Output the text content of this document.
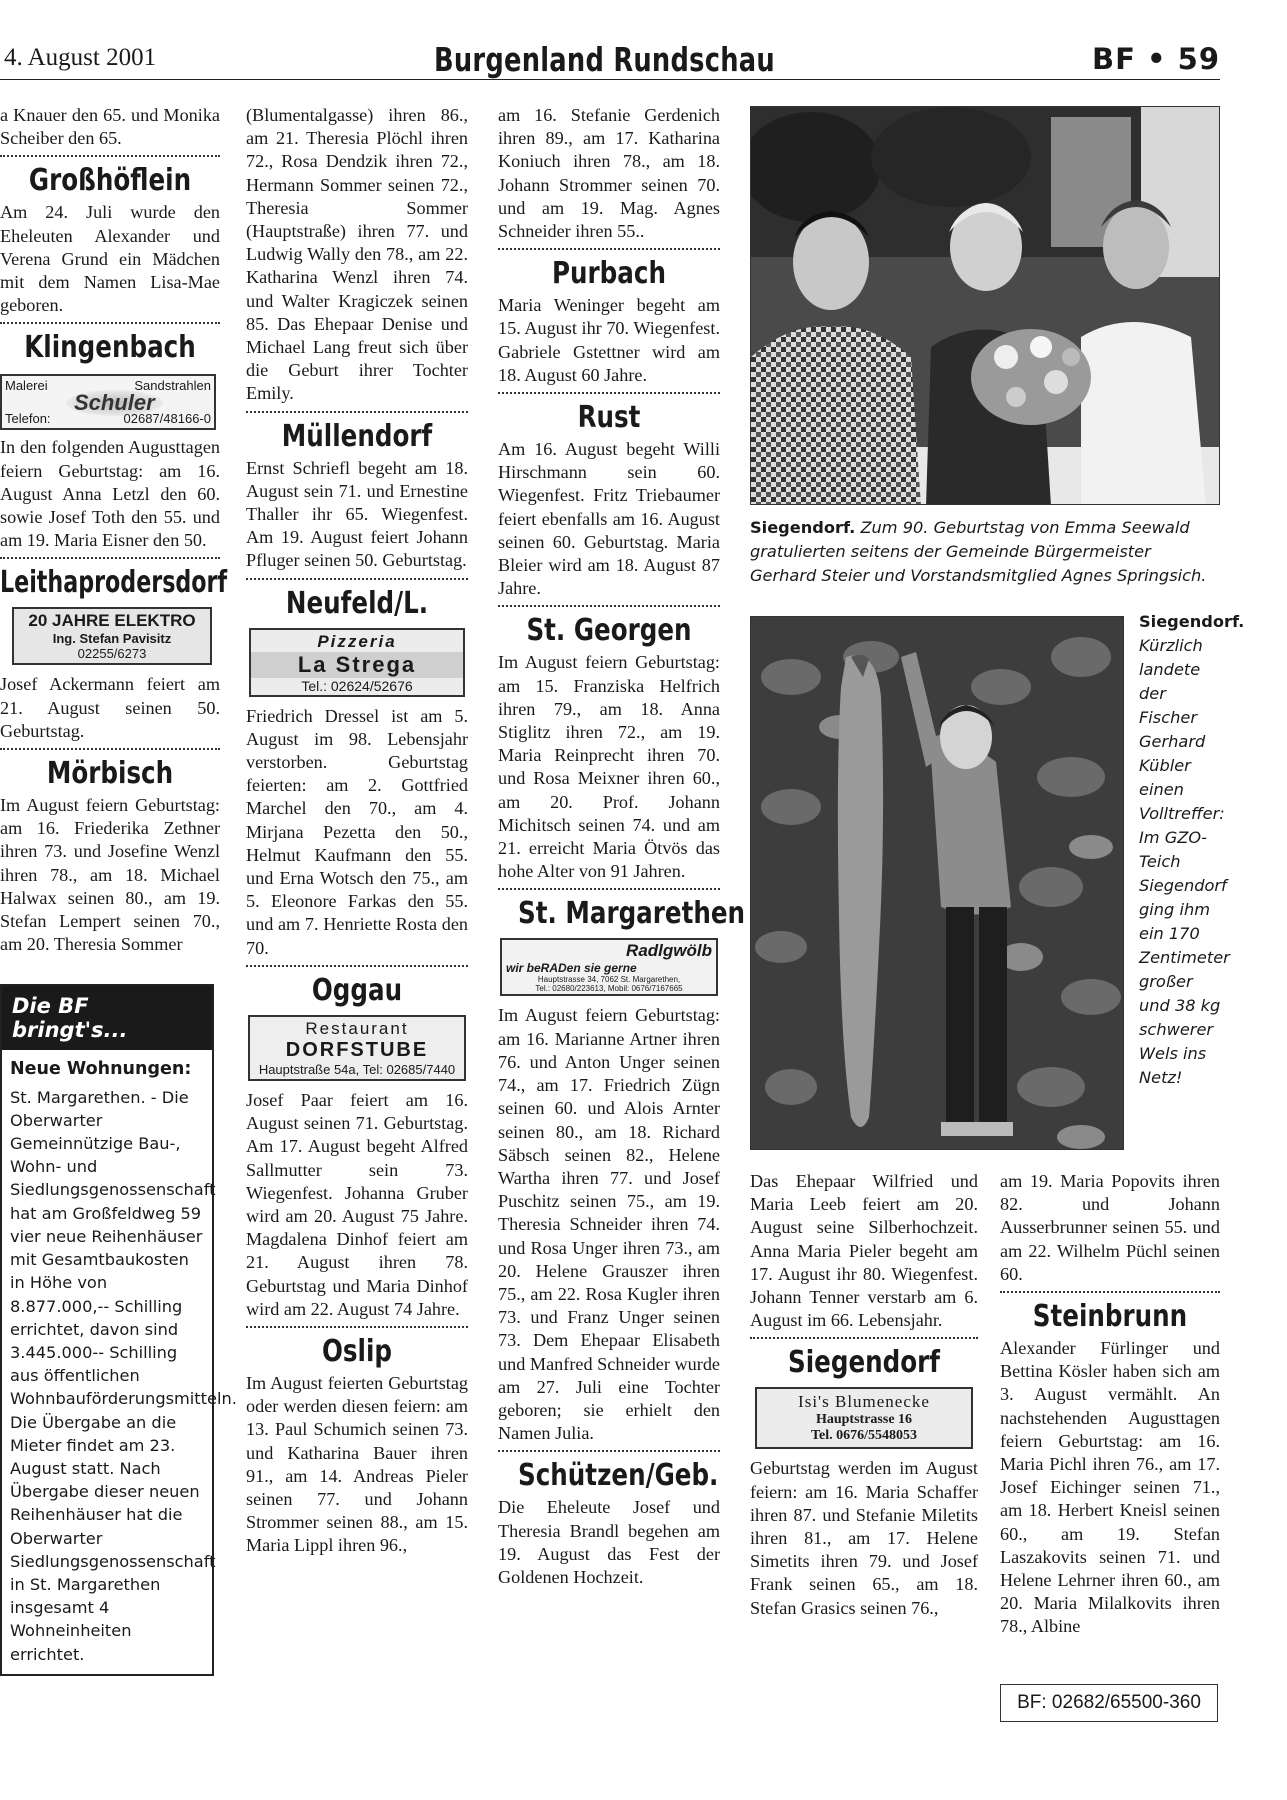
4. August 2001	Burgenland Rundschau	BF • 59
a Knauer den 65. und Monika Scheiber den 65.
Großhöflein
Am 24. Juli wurde den Eheleuten Alexander und Verena Grund ein Mädchen mit dem Namen Lisa-Mae geboren.
Klingenbach
Malerei	Sandstrahlen
Schuler
Telefon:	02687/48166-0
In den folgenden Augusttagen feiern Geburtstag: am 16. August Anna Letzl den 60. sowie Josef Toth den 55. und am 19. Maria Eisner den 50.
Leithaprodersdorf
20 JAHRE ELEKTRO
Ing. Stefan Pavisitz
02255/6273
Josef Ackermann feiert am 21. August seinen 50. Geburtstag.
Mörbisch
Im August feiern Geburtstag: am 16. Friederika Zethner ihren 73. und Josefine Wenzl ihren 78., am 18. Michael Halwax seinen 80., am 19. Stefan Lempert seinen 70., am 20. Theresia Sommer
Die BF bringt's...
Neue Wohnungen:
St. Margarethen. - Die Oberwarter Gemeinnützige Bau-, Wohn- und Siedlungsgenossenschaft hat am Großfeldweg 59 vier neue Reihenhäuser mit Gesamtbaukosten in Höhe von 8.877.000,-- Schilling errichtet, davon sind 3.445.000-- Schilling aus öffentlichen Wohnbauförderungsmitteln. Die Übergabe an die Mieter findet am 23. August statt. Nach Übergabe dieser neuen Reihenhäuser hat die Oberwarter Siedlungsgenossenschaft in St. Margarethen insgesamt 4 Wohneinheiten errichtet.
(Blumentalgasse) ihren 86., am 21. Theresia Plöchl ihren 72., Rosa Dendzik ihren 72., Hermann Sommer seinen 72., Theresia Sommer (Hauptstraße) ihren 77. und Ludwig Wally den 78., am 22. Katharina Wenzl ihren 74. und Walter Kragiczek seinen 85. Das Ehepaar Denise und Michael Lang freut sich über die Geburt ihrer Tochter Emily.
Müllendorf
Ernst Schriefl begeht am 18. August sein 71. und Ernestine Thaller ihr 65. Wiegenfest. Am 19. August feiert Johann Pfluger seinen 50. Geburtstag.
Neufeld/L.
Pizzeria
La Strega
Tel.: 02624/52676
Friedrich Dressel ist am 5. August im 98. Lebensjahr verstorben. Geburtstag feierten: am 2. Gottfried Marchel den 70., am 4. Mirjana Pezetta den 50., Helmut Kaufmann den 55. und Erna Wotsch den 75., am 5. Eleonore Farkas den 55. und am 7. Henriette Rosta den 70.
Oggau
Restaurant
DORFSTUBE
Hauptstraße 54a, Tel: 02685/7440
Josef Paar feiert am 16. August seinen 71. Geburtstag. Am 17. August begeht Alfred Sallmutter sein 73. Wiegenfest. Johanna Gruber wird am 20. August 75 Jahre. Magdalena Dinhof feiert am 21. August ihren 78. Geburtstag und Maria Dinhof wird am 22. August 74 Jahre.
Oslip
Im August feierten Geburtstag oder werden diesen feiern: am 13. Paul Schumich seinen 73. und Katharina Bauer ihren 91., am 14. Andreas Pieler seinen 77. und Johann Strommer seinen 88., am 15. Maria Lippl ihren 96.,
am 16. Stefanie Gerdenich ihren 89., am 17. Katharina Koniuch ihren 78., am 18. Johann Strommer seinen 70. und am 19. Mag. Agnes Schneider ihren 55..
Purbach
Maria Weninger begeht am 15. August ihr 70. Wiegenfest. Gabriele Gstettner wird am 18. August 60 Jahre.
Rust
Am 16. August begeht Willi Hirschmann sein 60. Wiegenfest. Fritz Triebaumer feiert ebenfalls am 16. August seinen 60. Geburtstag. Maria Bleier wird am 18. August 87 Jahre.
St. Georgen
Im August feiern Geburtstag: am 15. Franziska Helfrich ihren 79., am 18. Anna Stiglitz ihren 72., am 19. Maria Reinprecht ihren 70. und Rosa Meixner ihren 60., am 20. Prof. Johann Michitsch seinen 74. und am 21. erreicht Maria Ötvös das hohe Alter von 91 Jahren.
St. Margarethen
Radlgwölb
wir beRADen sie gerne
Hauptstrasse 34, 7062 St. Margarethen,
Tel.: 02680/223613, Mobil: 0676/7167665
Im August feiern Geburtstag: am 16. Marianne Artner ihren 76. und Anton Unger seinen 74., am 17. Friedrich Zügn seinen 60. und Alois Arnter seinen 80., am 18. Richard Säbsch seinen 82., Helene Wartha ihren 77. und Josef Puschitz seinen 75., am 19. Theresia Schneider ihren 74. und Rosa Unger ihren 73., am 20. Helene Grauszer ihren 75., am 22. Rosa Kugler ihren 73. und Franz Unger seinen 73. Dem Ehepaar Elisabeth und Manfred Schneider wurde am 27. Juli eine Tochter geboren; sie erhielt den Namen Julia.
Schützen/Geb.
Die Eheleute Josef und Theresia Brandl begehen am 19. August das Fest der Goldenen Hochzeit.
Siegendorf. Zum 90. Geburtstag von Emma Seewald gratulierten seitens der Gemeinde Bürgermeister Gerhard Steier und Vorstandsmitglied Agnes Springsich.
Siegendorf. Kürzlich landete der Fischer Gerhard Kübler einen Volltreffer: Im GZO-Teich Siegendorf ging ihm ein 170 Zentimeter großer und 38 kg schwerer Wels ins Netz!
Das Ehepaar Wilfried und Maria Leeb feiert am 20. August seine Silberhochzeit. Anna Maria Pieler begeht am 17. August ihr 80. Wiegenfest. Johann Tenner verstarb am 6. August im 66. Lebensjahr.
Siegendorf
Isi's Blumenecke
Hauptstrasse 16
Tel. 0676/5548053
Geburtstag werden im August feiern: am 16. Maria Schaffer ihren 87. und Stefanie Miletits ihren 81., am 17. Helene Simetits ihren 79. und Josef Frank seinen 65., am 18. Stefan Grasics seinen 76.,
am 19. Maria Popovits ihren 82. und Johann Ausserbrunner seinen 55. und am 22. Wilhelm Püchl seinen 60.
Steinbrunn
Alexander Fürlinger und Bettina Kösler haben sich am 3. August vermählt. An nachstehenden Augusttagen feiern Geburtstag: am 16. Maria Pichl ihren 76., am 17. Josef Eichinger seinen 71., am 18. Herbert Kneisl seinen 60., am 19. Stefan Laszakovits seinen 71. und Helene Lehrner ihren 60., am 20. Maria Milalkovits ihren 78., Albine
BF: 02682/65500-360
